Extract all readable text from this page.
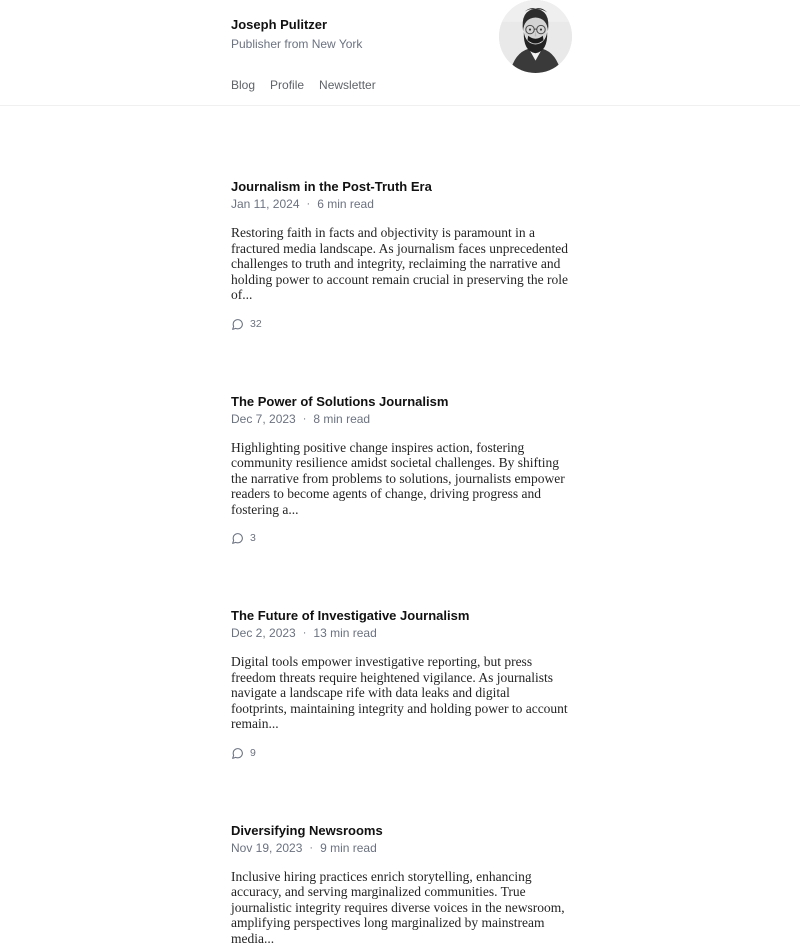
Joseph Pulitzer
Publisher from New York
Blog Profile Newsletter
Journalism in the Post-Truth Era
Jan 11, 2024 · 6 min read

Restoring faith in facts and objectivity is paramount in a fractured media landscape. As journalism faces unprecedented challenges to truth and integrity, reclaiming the narrative and holding power to account remain crucial in preserving the role of...

32
The Power of Solutions Journalism
Dec 7, 2023 · 8 min read

Highlighting positive change inspires action, fostering community resilience amidst societal challenges. By shifting the narrative from problems to solutions, journalists empower readers to become agents of change, driving progress and fostering a...

3
The Future of Investigative Journalism
Dec 2, 2023 · 13 min read

Digital tools empower investigative reporting, but press freedom threats require heightened vigilance. As journalists navigate a landscape rife with data leaks and digital footprints, maintaining integrity and holding power to account remain...

9
Diversifying Newsrooms
Nov 19, 2023 · 9 min read

Inclusive hiring practices enrich storytelling, enhancing accuracy, and serving marginalized communities. True journalistic integrity requires diverse voices in the newsroom, amplifying perspectives long marginalized by mainstream media...
